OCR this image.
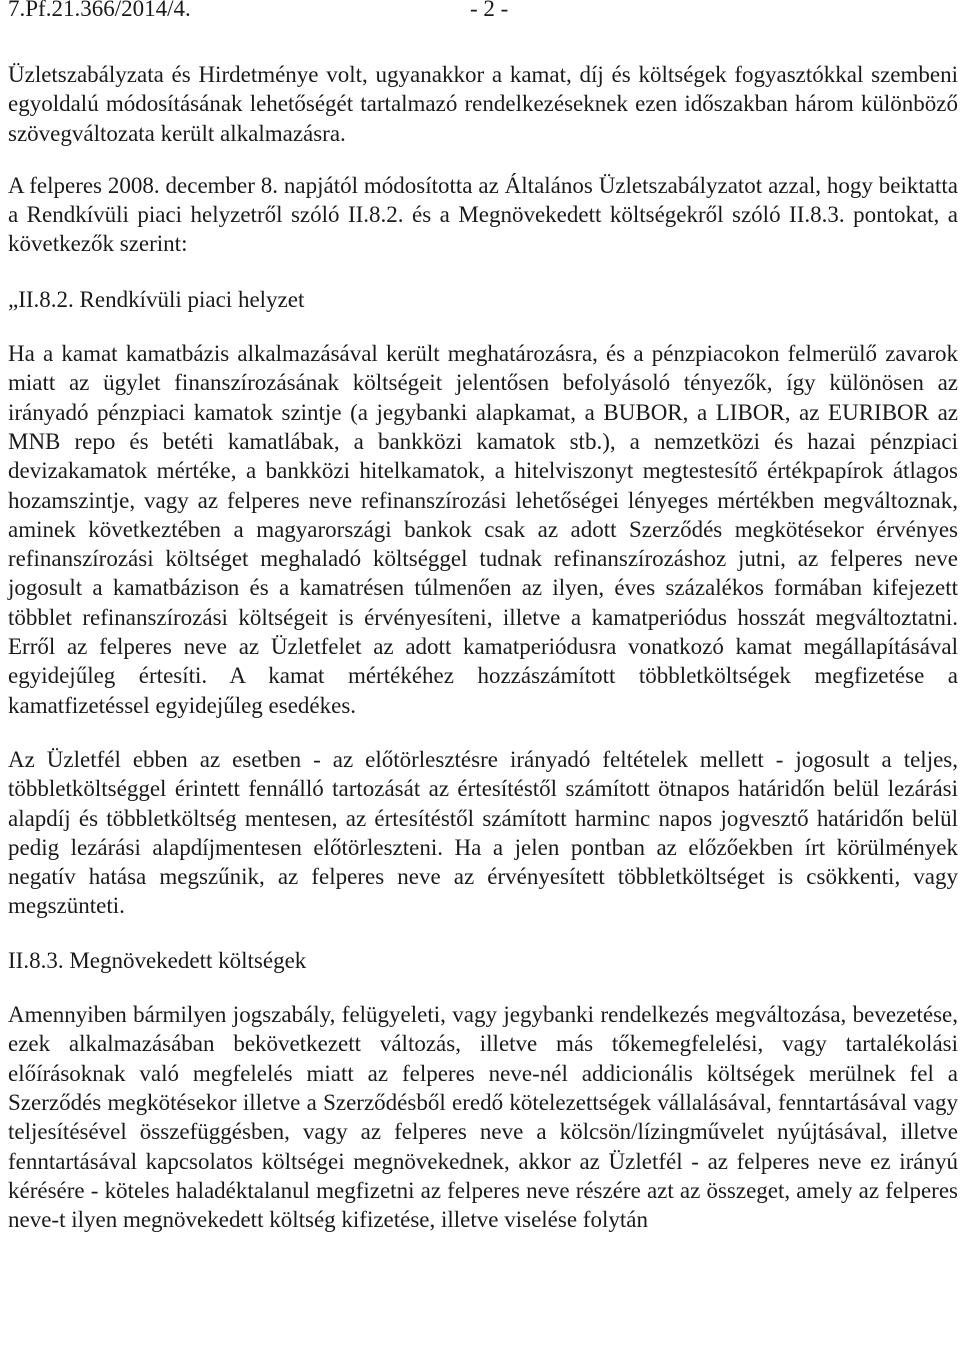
7.Pf.21.366/2014/4.	- 2 -

Üzletszabályzata és Hirdetménye volt, ugyanakkor a kamat, díj és költségek fogyasztókkal szembeni egyoldalú módosításának lehetőségét tartalmazó rendelkezéseknek ezen időszakban három különböző szövegváltozata került alkalmazásra.

A felperes 2008. december 8. napjától módosította az Általános Üzletszabályzatot azzal, hogy beiktatta a Rendkívüli piaci helyzetről szóló II.8.2. és a Megnövekedett költségekről szóló II.8.3. pontokat, a következők szerint:

„II.8.2. Rendkívüli piaci helyzet

Ha a kamat kamatbázis alkalmazásával került meghatározásra, és a pénzpiacokon felmerülő zavarok miatt az ügylet finanszírozásának költségeit jelentősen befolyásoló tényezők, így különösen az irányadó pénzpiaci kamatok szintje (a jegybanki alapkamat, a BUBOR, a LIBOR, az EURIBOR az MNB repo és betéti kamatlábak, a bankközi kamatok stb.), a nemzetközi és hazai pénzpiaci devizakamatok mértéke, a bankközi hitelkamatok, a hitelviszonyt megtestesítő értékpapírok átlagos hozamszintje, vagy az felperes neve refinanszírozási lehetőségei lényeges mértékben megváltoznak, aminek következtében a magyarországi bankok csak az adott Szerződés megkötésekor érvényes refinanszírozási költséget meghaladó költséggel tudnak refinanszírozáshoz jutni, az felperes neve jogosult a kamatbázison és a kamatrésen túlmenően az ilyen, éves százalékos formában kifejezett többlet refinanszírozási költségeit is érvényesíteni, illetve a kamatperiódus hosszát megváltoztatni. Erről az felperes neve az Üzletfelet az adott kamatperiódusra vonatkozó kamat megállapításával egyidejűleg értesíti. A kamat mértékéhez hozzászámított többletköltségek megfizetése a kamatfizetéssel egyidejűleg esedékes.

Az Üzletfél ebben az esetben - az előtörlesztésre irányadó feltételek mellett - jogosult a teljes, többletköltséggel érintett fennálló tartozását az értesítéstől számított ötnapos határidőn belül lezárási alapdíj és többletköltség mentesen, az értesítéstől számított harminc napos jogvesztő határidőn belül pedig lezárási alapdíjmentesen előtörleszteni. Ha a jelen pontban az előzőekben írt körülmények negatív hatása megszűnik, az felperes neve az érvényesített többletköltséget is csökkenti, vagy megszünteti.

II.8.3. Megnövekedett költségek

Amennyiben bármilyen jogszabály, felügyeleti, vagy jegybanki rendelkezés megváltozása, bevezetése, ezek alkalmazásában bekövetkezett változás, illetve más tőkemegfelelési, vagy tartalékolási előírásoknak való megfelelés miatt az felperes neve-nél addicionális költségek merülnek fel a Szerződés megkötésekor illetve a Szerződésből eredő kötelezettségek vállalásával, fenntartásával vagy teljesítésével összefüggésben, vagy az felperes neve a kölcsön/lízingművelet nyújtásával, illetve fenntartásával kapcsolatos költségei megnövekednek, akkor az Üzletfél - az felperes neve ez irányú kérésére - köteles haladéktalanul megfizetni az felperes neve részére azt az összeget, amely az felperes neve-t ilyen megnövekedett költség kifizetése, illetve viselése folytán
